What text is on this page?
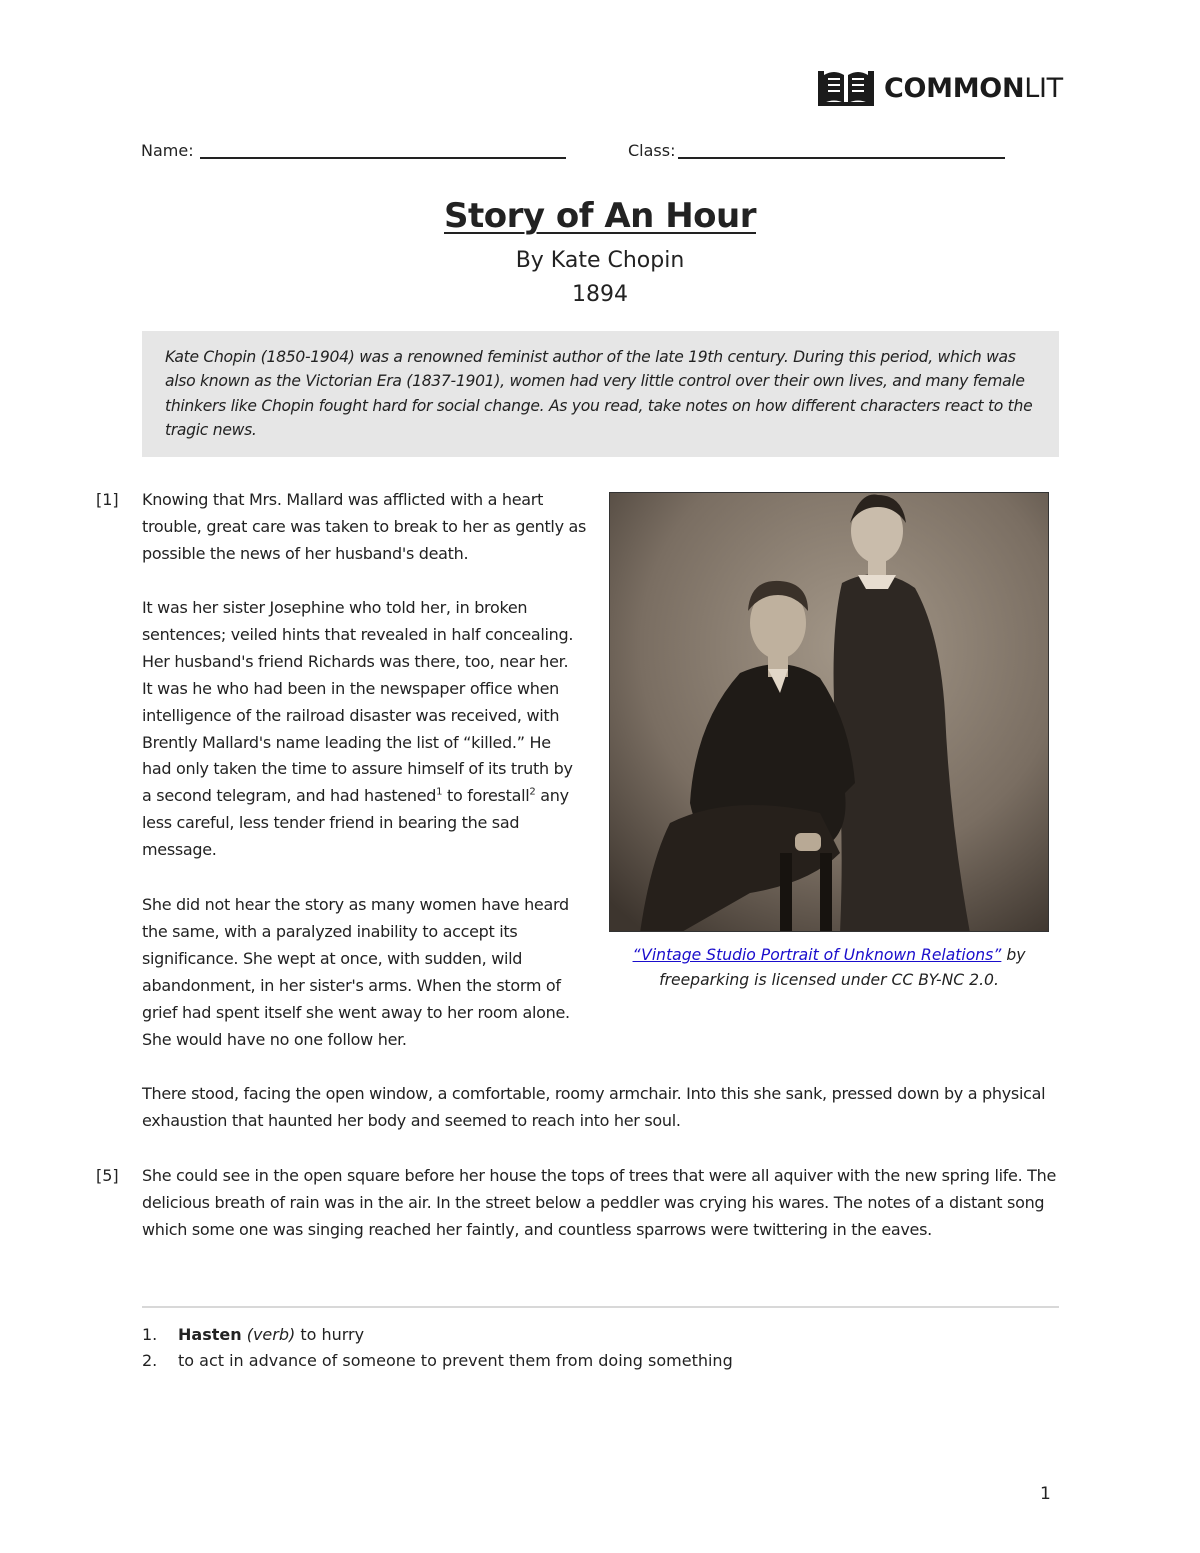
COMMONLIT
Name:	Class:
Story of An Hour
By Kate Chopin
1894
Kate Chopin (1850-1904) was a renowned feminist author of the late 19th century. During this period, which was also known as the Victorian Era (1837-1901), women had very little control over their own lives, and many female thinkers like Chopin fought hard for social change. As you read, take notes on how different characters react to the tragic news.
[1] Knowing that Mrs. Mallard was afflicted with a heart trouble, great care was taken to break to her as gently as possible the news of her husband's death.
It was her sister Josephine who told her, in broken sentences; veiled hints that revealed in half concealing. Her husband's friend Richards was there, too, near her. It was he who had been in the newspaper office when intelligence of the railroad disaster was received, with Brently Mallard's name leading the list of “killed.” He had only taken the time to assure himself of its truth by a second telegram, and had hastened$^1$ to forestall$^2$ any less careful, less tender friend in bearing the sad message.
She did not hear the story as many women have heard the same, with a paralyzed inability to accept its significance. She wept at once, with sudden, wild abandonment, in her sister's arms. When the storm of grief had spent itself she went away to her room alone. She would have no one follow her.
“Vintage Studio Portrait of Unknown Relations” by
freeparking is licensed under CC BY-NC 2.0.
There stood, facing the open window, a comfortable, roomy armchair. Into this she sank, pressed down by a physical exhaustion that haunted her body and seemed to reach into her soul.
[5] She could see in the open square before her house the tops of trees that were all aquiver with the new spring life. The delicious breath of rain was in the air. In the street below a peddler was crying his wares. The notes of a distant song which some one was singing reached her faintly, and countless sparrows were twittering in the eaves.
1. Hasten (verb) to hurry
2. to act in advance of someone to prevent them from doing something
1
